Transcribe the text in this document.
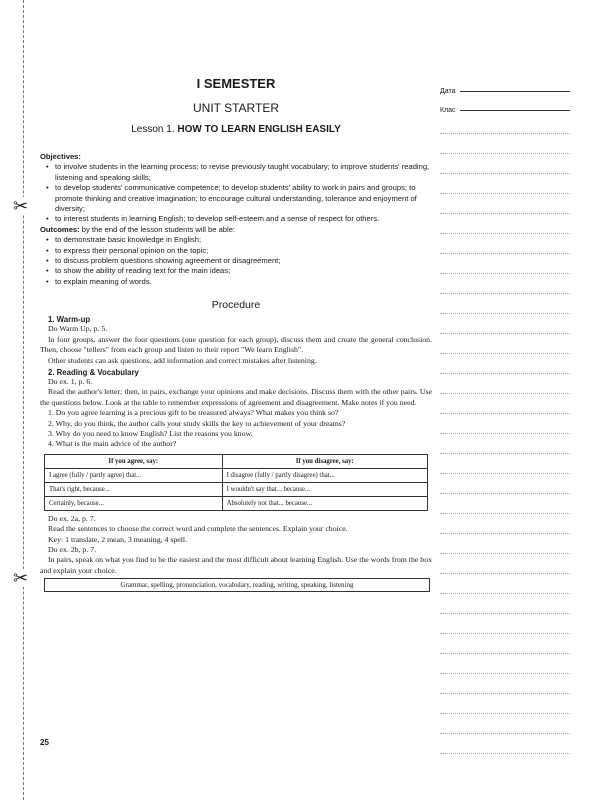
✂
✂
I SEMESTER
UNIT STARTER
Lesson 1. HOW TO LEARN ENGLISH EASILY
Objectives:
• to involve students in the learning process; to revise previously taught vocabulary; to improve students' reading, listening and speaking skills;
• to develop students' communicative competence; to develop students' ability to work in pairs and groups; to promote thinking and creative imagination; to encourage cultural understanding, tolerance and enjoyment of diversity;
• to interest students in learning English; to develop self-esteem and a sense of respect for others.
Outcomes: by the end of the lesson students will be able:
• to demonstrate basic knowledge in English;
• to express their personal opinion on the topic;
• to discuss problem questions showing agreement or disagreement;
• to show the ability of reading text for the main ideas;
• to explain meaning of words.
Procedure
1. Warm-up
Do Warm Up, p. 5.
In four groups, answer the four questions (one question for each group), discuss them and create the general conclusion. Then, choose "tellers" from each group and listen to their report "We learn English".
Other students can ask questions, add information and correct mistakes after listening.
2. Reading & Vocabulary
Do ex. 1, p. 6.
Read the author's letter; then, in pairs, exchange your opinions and make decisions. Discuss them with the other pairs. Use the questions below. Look at the table to remember expressions of agreement and disagreement. Make notes if you need.
1. Do you agree learning is a precious gift to be treasured always? What makes you think so?
2. Why, do you think, the author calls your study skills the key to achievement of your dreams?
3. Why do you need to know English? List the reasons you know.
4. What is the main advice of the author?
If you agree, say:	If you disagree, say:
I agree (fully / partly agree) that...	I disagree (fully / partly disagree) that...
That's right, because...	I wouldn't say that... because...
Certainly, because...	Absolutely not that... because...
Do ex. 2a, p. 7.
Read the sentences to choose the correct word and complete the sentences. Explain your choice.
Key: 1 translate, 2 mean, 3 meaning, 4 spell.
Do ex. 2b, p. 7.
In pairs, speak on what you find to be the easiest and the most difficult about learning English. Use the words from the box and explain your choice.
Grammar, spelling, pronunciation, vocabulary, reading, writing, speaking, listening
25
Дата
Клас
